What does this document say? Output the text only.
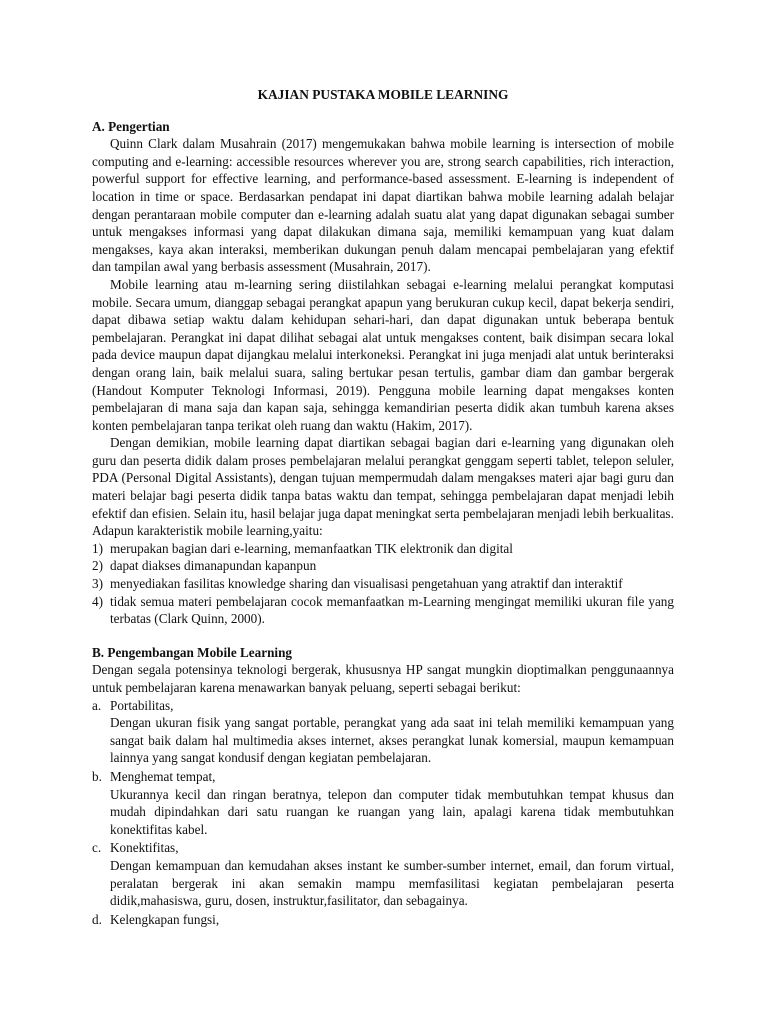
KAJIAN PUSTAKA MOBILE LEARNING
A. Pengertian

Quinn Clark dalam Musahrain (2017) mengemukakan bahwa mobile learning is intersection of mobile computing and e-learning: accessible resources wherever you are, strong search capabilities, rich interaction, powerful support for effective learning, and performance-based assessment. E-learning is independent of location in time or space. Berdasarkan pendapat ini dapat diartikan bahwa mobile learning adalah belajar dengan perantaraan mobile computer dan e-learning adalah suatu alat yang dapat digunakan sebagai sumber untuk mengakses informasi yang dapat dilakukan dimana saja, memiliki kemampuan yang kuat dalam mengakses, kaya akan interaksi, memberikan dukungan penuh dalam mencapai pembelajaran yang efektif dan tampilan awal yang berbasis assessment (Musahrain, 2017).

Mobile learning atau m-learning sering diistilahkan sebagai e-learning melalui perangkat komputasi mobile. Secara umum, dianggap sebagai perangkat apapun yang berukuran cukup kecil, dapat bekerja sendiri, dapat dibawa setiap waktu dalam kehidupan sehari-hari, dan dapat digunakan untuk beberapa bentuk pembelajaran. Perangkat ini dapat dilihat sebagai alat untuk mengakses content, baik disimpan secara lokal pada device maupun dapat dijangkau melalui interkoneksi. Perangkat ini juga menjadi alat untuk berinteraksi dengan orang lain, baik melalui suara, saling bertukar pesan tertulis, gambar diam dan gambar bergerak (Handout Komputer Teknologi Informasi, 2019). Pengguna mobile learning dapat mengakses konten pembelajaran di mana saja dan kapan saja, sehingga kemandirian peserta didik akan tumbuh karena akses konten pembelajaran tanpa terikat oleh ruang dan waktu (Hakim, 2017).

Dengan demikian, mobile learning dapat diartikan sebagai bagian dari e-learning yang digunakan oleh guru dan peserta didik dalam proses pembelajaran melalui perangkat genggam seperti tablet, telepon seluler, PDA (Personal Digital Assistants), dengan tujuan mempermudah dalam mengakses materi ajar bagi guru dan materi belajar bagi peserta didik tanpa batas waktu dan tempat, sehingga pembelajaran dapat menjadi lebih efektif dan efisien. Selain itu, hasil belajar juga dapat meningkat serta pembelajaran menjadi lebih berkualitas.

Adapun karakteristik mobile learning,yaitu:

1) merupakan bagian dari e-learning, memanfaatkan TIK elektronik dan digital
2) dapat diakses dimanapundan kapanpun
3) menyediakan fasilitas knowledge sharing dan visualisasi pengetahuan yang atraktif dan interaktif
4) tidak semua materi pembelajaran cocok memanfaatkan m-Learning mengingat memiliki ukuran file yang terbatas (Clark Quinn, 2000).
B. Pengembangan Mobile Learning

Dengan segala potensinya teknologi bergerak, khususnya HP sangat mungkin dioptimalkan penggunaannya untuk pembelajaran karena menawarkan banyak peluang, seperti sebagai berikut:

a. Portabilitas,
Dengan ukuran fisik yang sangat portable, perangkat yang ada saat ini telah memiliki kemampuan yang sangat baik dalam hal multimedia akses internet, akses perangkat lunak komersial, maupun kemampuan lainnya yang sangat kondusif dengan kegiatan pembelajaran.
b. Menghemat tempat,
Ukurannya kecil dan ringan beratnya, telepon dan computer tidak membutuhkan tempat khusus dan mudah dipindahkan dari satu ruangan ke ruangan yang lain, apalagi karena tidak membutuhkan konektifitas kabel.
c. Konektifitas,
Dengan kemampuan dan kemudahan akses instant ke sumber-sumber internet, email, dan forum virtual, peralatan bergerak ini akan semakin mampu memfasilitasi kegiatan pembelajaran peserta didik,mahasiswa, guru, dosen, instruktur,fasilitator, dan sebagainya.
d. Kelengkapan fungsi,
